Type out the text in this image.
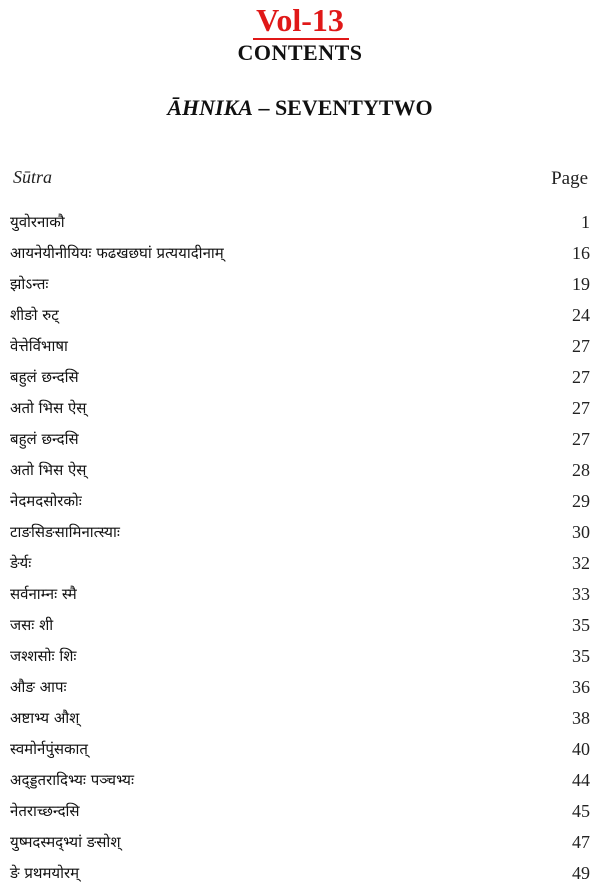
Vol-13
CONTENTS
ĀHNIKA – SEVENTYTWO
Sūtra	Page
युवोरनाकौ	1
आयनेयीनीयियः फढखछघां प्रत्ययादीनाम्	16
झोऽन्तः	19
शीङो रुट्	24
वेत्तेर्विभाषा	27
बहुलं छन्दसि	27
अतो भिस ऐस्	27
बहुलं छन्दसि	27
अतो भिस ऐस्	28
नेदमदसोरकोः	29
टाङसिङसामिनात्स्याः	30
ङेर्यः	32
सर्वनाम्नः स्मै	33
जसः शी	35
जश्शसोः शिः	35
औङ आपः	36
अष्टाभ्य औश्	38
स्वमोर्नपुंसकात्	40
अद्ड्डतरादिभ्यः पञ्चभ्यः	44
नेतराच्छन्दसि	45
युष्मदस्मद्भ्यां ङसोश्	47
ङे प्रथमयोरम्	49
